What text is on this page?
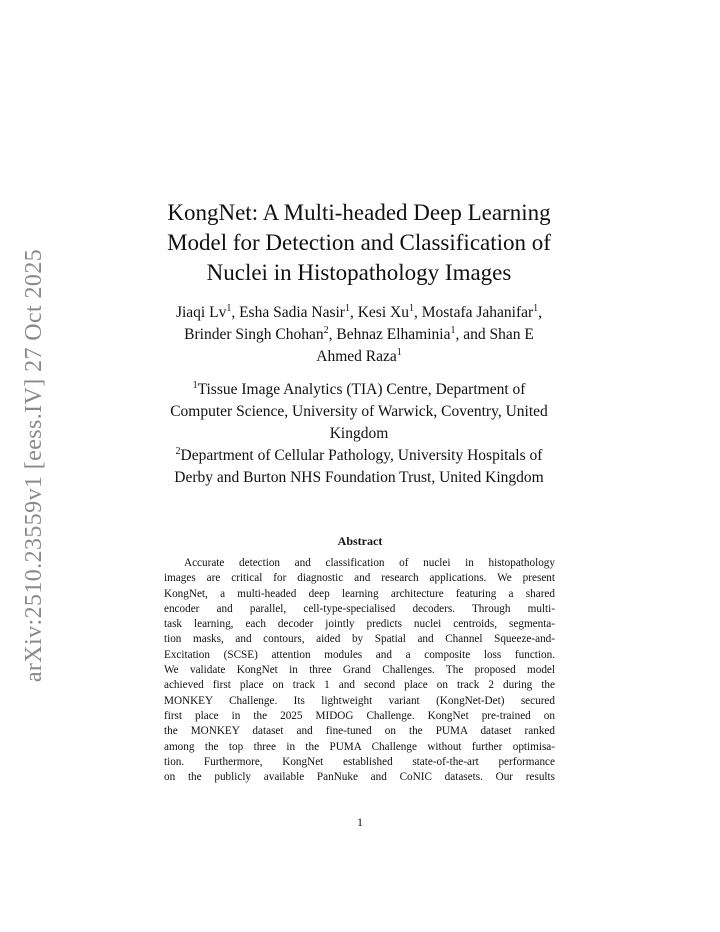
arXiv:2510.23559v1 [eess.IV] 27 Oct 2025
KongNet: A Multi-headed Deep Learning
Model for Detection and Classification of
Nuclei in Histopathology Images
Jiaqi Lv$^1$, Esha Sadia Nasir$^1$, Kesi Xu$^1$, Mostafa Jahanifar$^1$,
Brinder Singh Chohan$^2$, Behnaz Elhaminia$^1$, and Shan E
Ahmed Raza$^1$
$^1$Tissue Image Analytics (TIA) Centre, Department of
Computer Science, University of Warwick, Coventry, United
Kingdom
$^2$Department of Cellular Pathology, University Hospitals of
Derby and Burton NHS Foundation Trust, United Kingdom
Abstract
Accurate detection and classification of nuclei in histopathology
images are critical for diagnostic and research applications. We present
KongNet, a multi-headed deep learning architecture featuring a shared
encoder and parallel, cell-type-specialised decoders. Through multi-
task learning, each decoder jointly predicts nuclei centroids, segmenta-
tion masks, and contours, aided by Spatial and Channel Squeeze-and-
Excitation (SCSE) attention modules and a composite loss function.
We validate KongNet in three Grand Challenges. The proposed model
achieved first place on track 1 and second place on track 2 during the
MONKEY Challenge. Its lightweight variant (KongNet-Det) secured
first place in the 2025 MIDOG Challenge. KongNet pre-trained on
the MONKEY dataset and fine-tuned on the PUMA dataset ranked
among the top three in the PUMA Challenge without further optimisa-
tion. Furthermore, KongNet established state-of-the-art performance
on the publicly available PanNuke and CoNIC datasets. Our results
1
